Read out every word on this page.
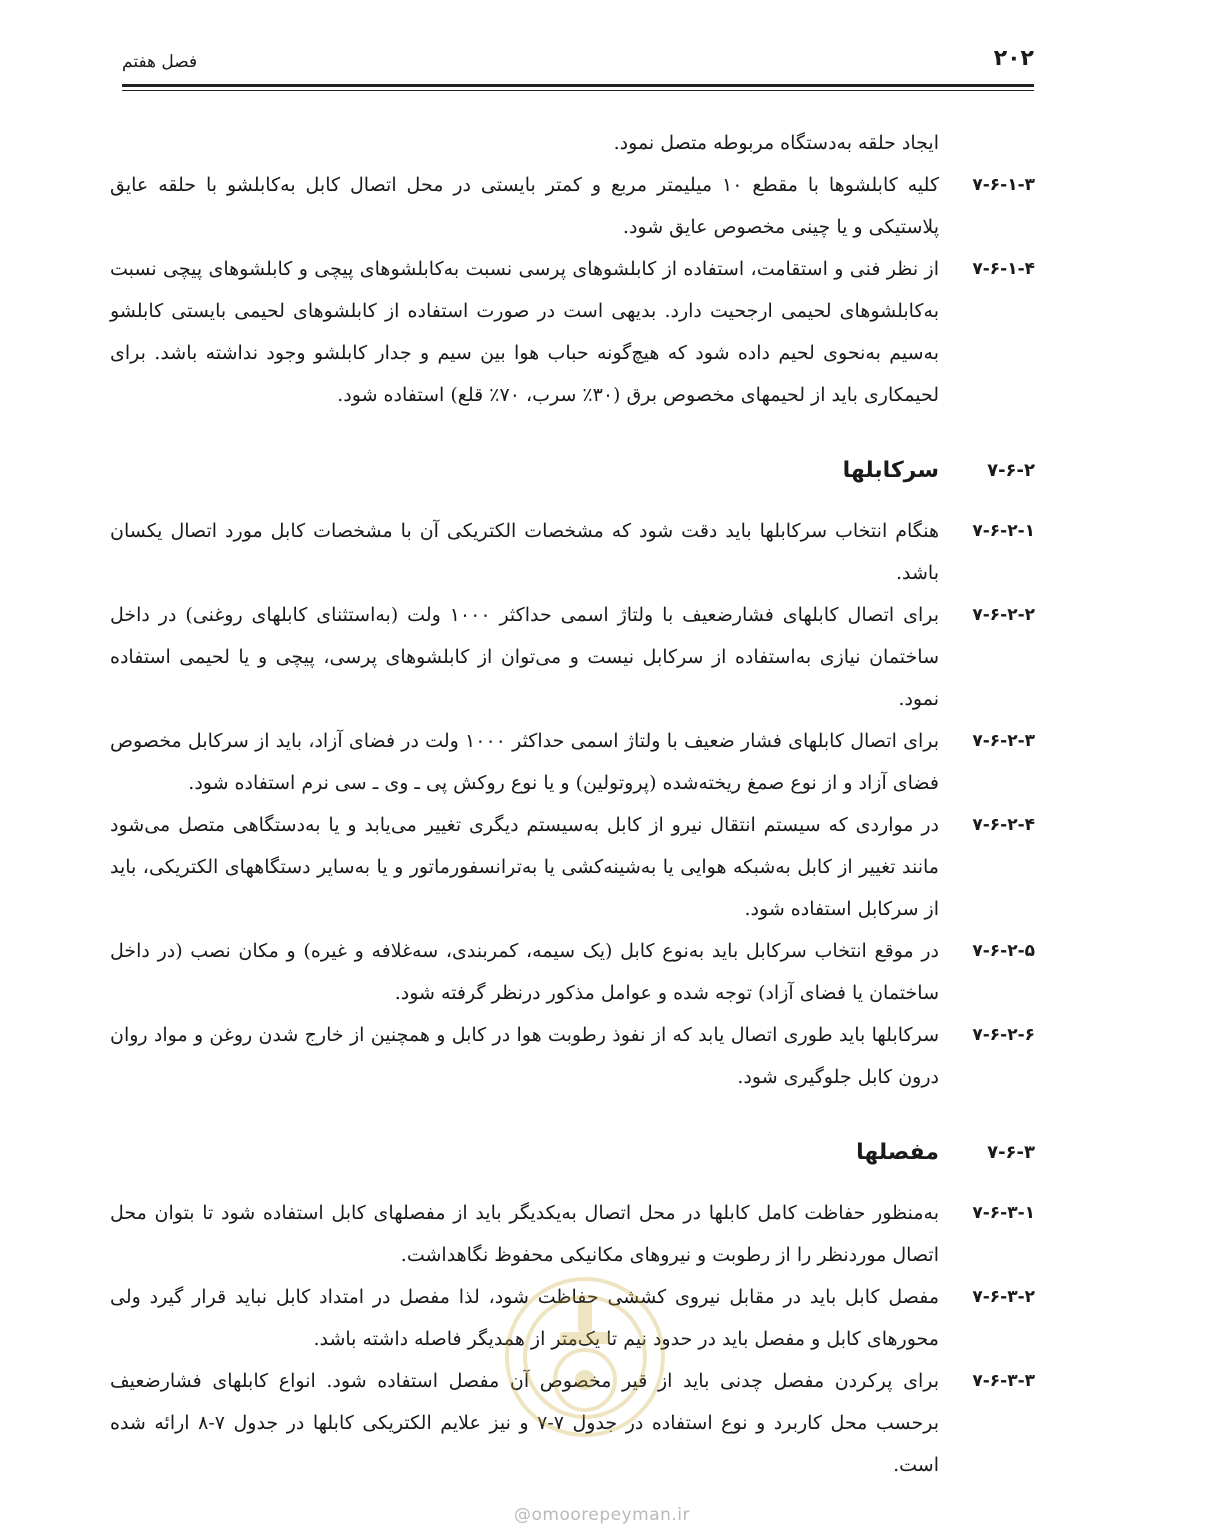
۲۰۲
فصل هفتم
ایجاد حلقه به‌دستگاه مربوطه متصل نمود.
۷-۶-۱-۳
کلیه کابلشوها با مقطع ۱۰ میلیمتر مربع و کمتر بایستی در محل اتصال کابل به‌کابلشو با حلقه عایق پلاستیکی و یا چینی مخصوص عایق شود.
۷-۶-۱-۴
از نظر فنی و استقامت، استفاده از کابلشوهای پرسی نسبت به‌کابلشوهای پیچی و کابلشوهای پیچی نسبت به‌کابلشوهای لحیمی ارجحیت دارد. بدیهی است در صورت استفاده از کابلشوهای لحیمی بایستی کابلشو به‌سیم به‌نحوی لحیم داده شود که هیچ‌گونه حباب هوا بین سیم و جدار کابلشو وجود نداشته باشد. برای لحیمکاری باید از لحیمهای مخصوص برق (۳۰٪ سرب، ۷۰٪ قلع) استفاده شود.
۷-۶-۲
سرکابلها
۷-۶-۲-۱
هنگام انتخاب سرکابلها باید دقت شود که مشخصات الکتریکی آن با مشخصات کابل مورد اتصال یکسان باشد.
۷-۶-۲-۲
برای اتصال کابلهای فشارضعیف با ولتاژ اسمی حداکثر ۱۰۰۰ ولت (به‌استثنای کابلهای روغنی) در داخل ساختمان نیازی به‌استفاده از سرکابل نیست و می‌توان از کابلشوهای پرسی، پیچی و یا لحیمی استفاده نمود.
۷-۶-۲-۳
برای اتصال کابلهای فشار ضعیف با ولتاژ اسمی حداکثر ۱۰۰۰ ولت در فضای آزاد، باید از سرکابل مخصوص فضای آزاد و از نوع صمغ ریخته‌شده (پروتولین) و یا نوع روکش پی ـ وی ـ سی نرم استفاده شود.
۷-۶-۲-۴
در مواردی که سیستم انتقال نیرو از کابل به‌سیستم دیگری تغییر می‌یابد و یا به‌دستگاهی متصل می‌شود مانند تغییر از کابل به‌شبکه هوایی یا به‌شینه‌کشی یا به‌ترانسفورماتور و یا به‌سایر دستگاههای الکتریکی، باید از سرکابل استفاده شود.
۷-۶-۲-۵
در موقع انتخاب سرکابل باید به‌نوع کابل (یک سیمه، کمربندی، سه‌غلافه و غیره) و مکان نصب (در داخل ساختمان یا فضای آزاد) توجه شده و عوامل مذکور درنظر گرفته شود.
۷-۶-۲-۶
سرکابلها باید طوری اتصال یابد که از نفوذ رطوبت هوا در کابل و همچنین از خارج شدن روغن و مواد روان درون کابل جلوگیری شود.
۷-۶-۳
مفصلها
۷-۶-۳-۱
به‌منظور حفاظت کامل کابلها در محل اتصال به‌یکدیگر باید از مفصلهای کابل استفاده شود تا بتوان محل اتصال موردنظر را از رطوبت و نیروهای مکانیکی محفوظ نگاهداشت.
۷-۶-۳-۲
مفصل کابل باید در مقابل نیروی کششی حفاظت شود، لذا مفصل در امتداد کابل نباید قرار گیرد ولی محورهای کابل و مفصل باید در حدود نیم تا یک‌متر از همدیگر فاصله داشته باشد.
۷-۶-۳-۳
برای پرکردن مفصل چدنی باید از قیر مخصوص آن مفصل استفاده شود. انواع کابلهای فشارضعیف برحسب محل کاربرد و نوع استفاده در جدول ۷-۷ و نیز علایم الکتریکی کابلها در جدول ۷-۸ ارائه شده است.
@omoorepeyman.ir
